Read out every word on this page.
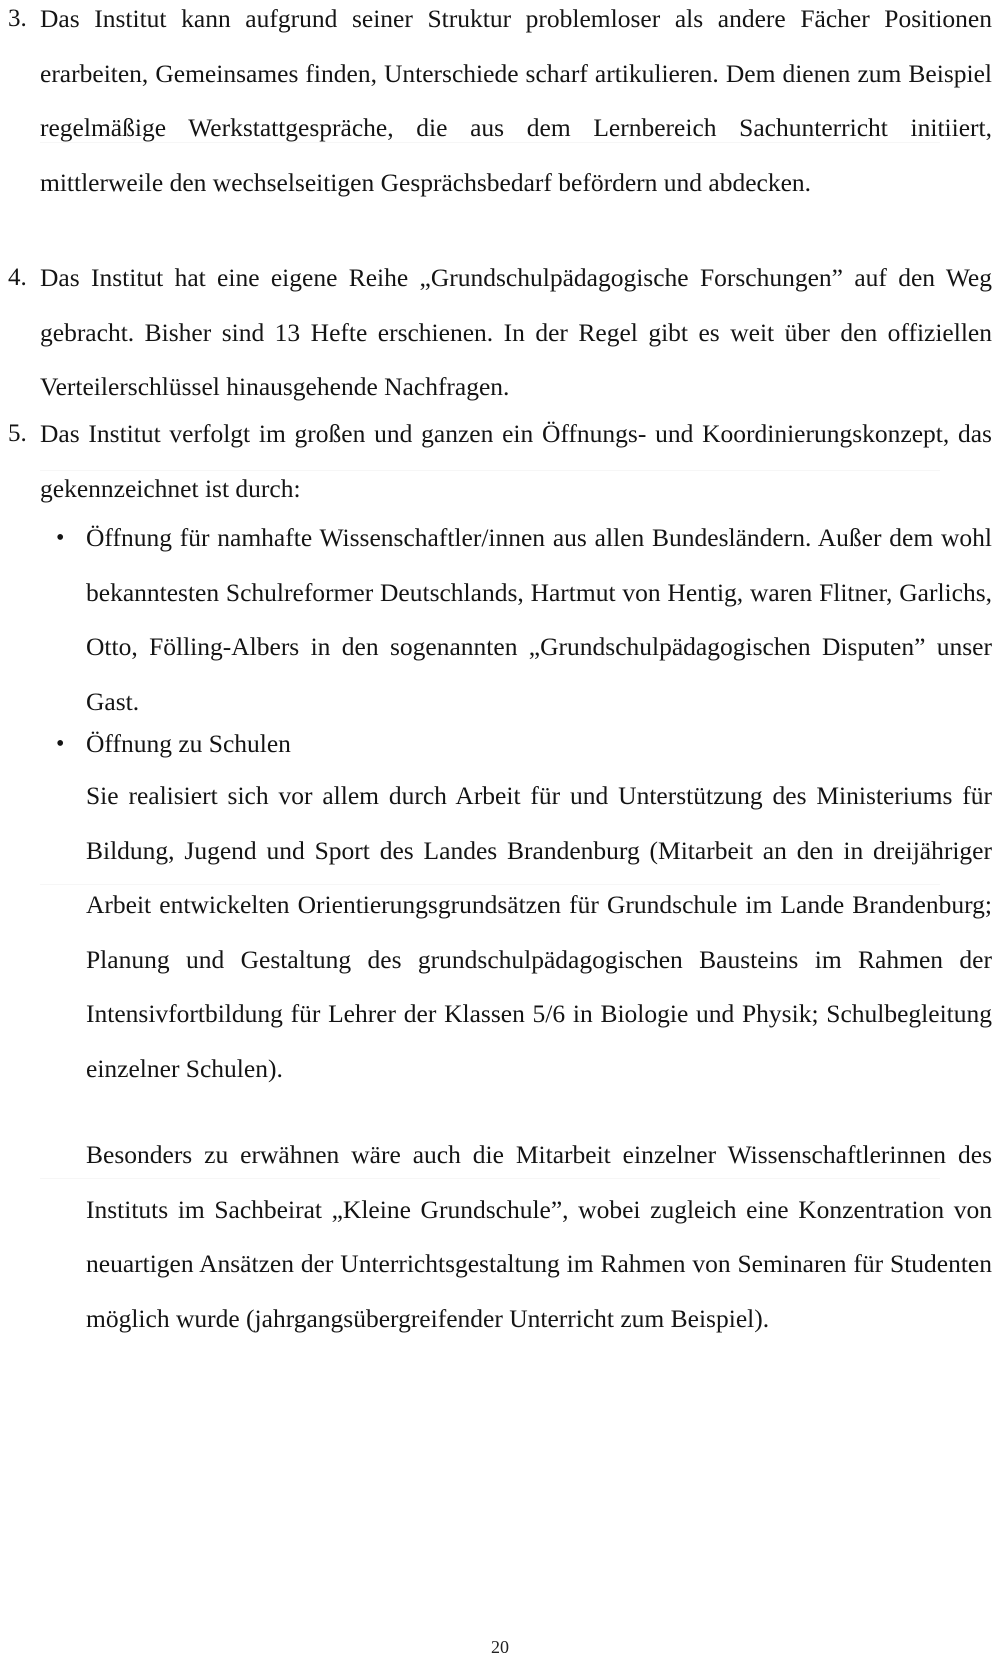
3. Das Institut kann aufgrund seiner Struktur problemloser als andere Fächer Positionen erarbeiten, Gemeinsames finden, Unterschiede scharf artikulieren. Dem dienen zum Beispiel regelmäßige Werkstattgespräche, die aus dem Lernbereich Sachunterricht initiiert, mittlerweile den wechselseitigen Gesprächsbedarf befördern und abdecken.

4. Das Institut hat eine eigene Reihe „Grundschulpädagogische Forschungen” auf den Weg gebracht. Bisher sind 13 Hefte erschienen. In der Regel gibt es weit über den offiziellen Verteilerschlüssel hinausgehende Nachfragen.

5. Das Institut verfolgt im großen und ganzen ein Öffnungs- und Koordinierungskonzept, das gekennzeichnet ist durch:

• Öffnung für namhafte Wissenschaftler/innen aus allen Bundesländern. Außer dem wohl bekanntesten Schulreformer Deutschlands, Hartmut von Hentig, waren Flitner, Garlichs, Otto, Fölling-Albers in den sogenannten „Grundschulpädagogischen Disputen” unser Gast.

• Öffnung zu Schulen

Sie realisiert sich vor allem durch Arbeit für und Unterstützung des Ministeriums für Bildung, Jugend und Sport des Landes Brandenburg (Mitarbeit an den in dreijähriger Arbeit entwickelten Orientierungsgrundsätzen für Grundschule im Lande Brandenburg; Planung und Gestaltung des grundschulpädagogischen Bausteins im Rahmen der Intensivfortbildung für Lehrer der Klassen 5/6 in Biologie und Physik; Schulbegleitung einzelner Schulen).

Besonders zu erwähnen wäre auch die Mitarbeit einzelner Wissenschaftlerinnen des Instituts im Sachbeirat „Kleine Grundschule”, wobei zugleich eine Konzentration von neuartigen Ansätzen der Unterrichtsgestaltung im Rahmen von Seminaren für Studenten möglich wurde (jahrgangsübergreifender Unterricht zum Beispiel).

20
